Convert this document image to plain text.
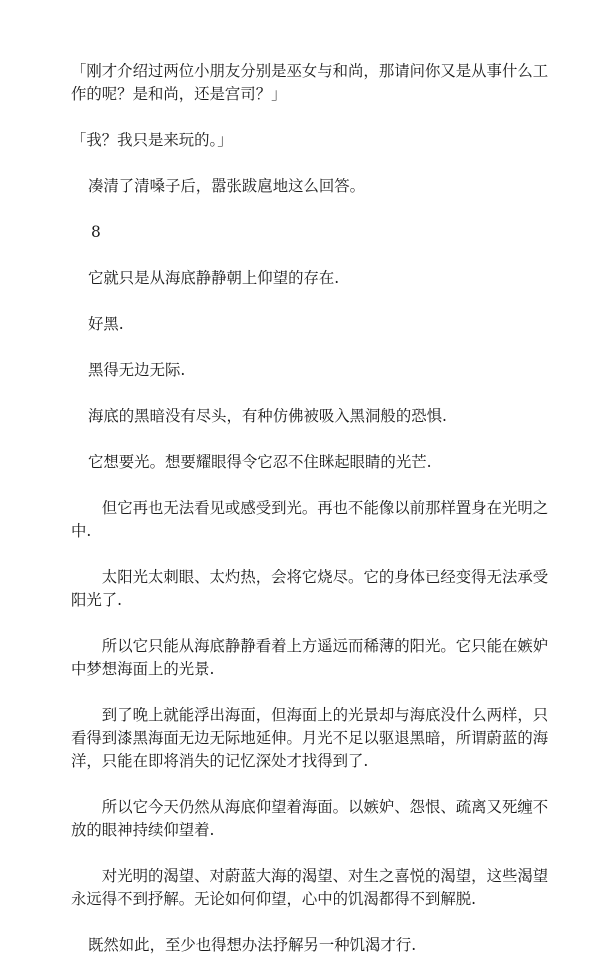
「刚才介绍过两位小朋友分别是巫女与和尚，那请问你又是从事什么工作的呢？是和尚，还是宫司？」

「我？我只是来玩的。」

凑清了清嗓子后，嚣张跋扈地这么回答。

8

它就只是从海底静静朝上仰望的存在.

好黑.

黑得无边无际.

海底的黑暗没有尽头，有种仿佛被吸入黑洞般的恐惧.

它想要光。想要耀眼得令它忍不住眯起眼睛的光芒.

但它再也无法看见或感受到光。再也不能像以前那样置身在光明之中.

太阳光太刺眼、太灼热，会将它烧尽。它的身体已经变得无法承受阳光了.

所以它只能从海底静静看着上方遥远而稀薄的阳光。它只能在嫉妒中梦想海面上的光景.

到了晚上就能浮出海面，但海面上的光景却与海底没什么两样，只看得到漆黑海面无边无际地延伸。月光不足以驱退黑暗，所谓蔚蓝的海洋，只能在即将消失的记忆深处才找得到了.

所以它今天仍然从海底仰望着海面。以嫉妒、怨恨、疏离又死缠不放的眼神持续仰望着.

对光明的渴望、对蔚蓝大海的渴望、对生之喜悦的渴望，这些渴望永远得不到抒解。无论如何仰望，心中的饥渴都得不到解脱.

既然如此，至少也得想办法抒解另一种饥渴才行.
